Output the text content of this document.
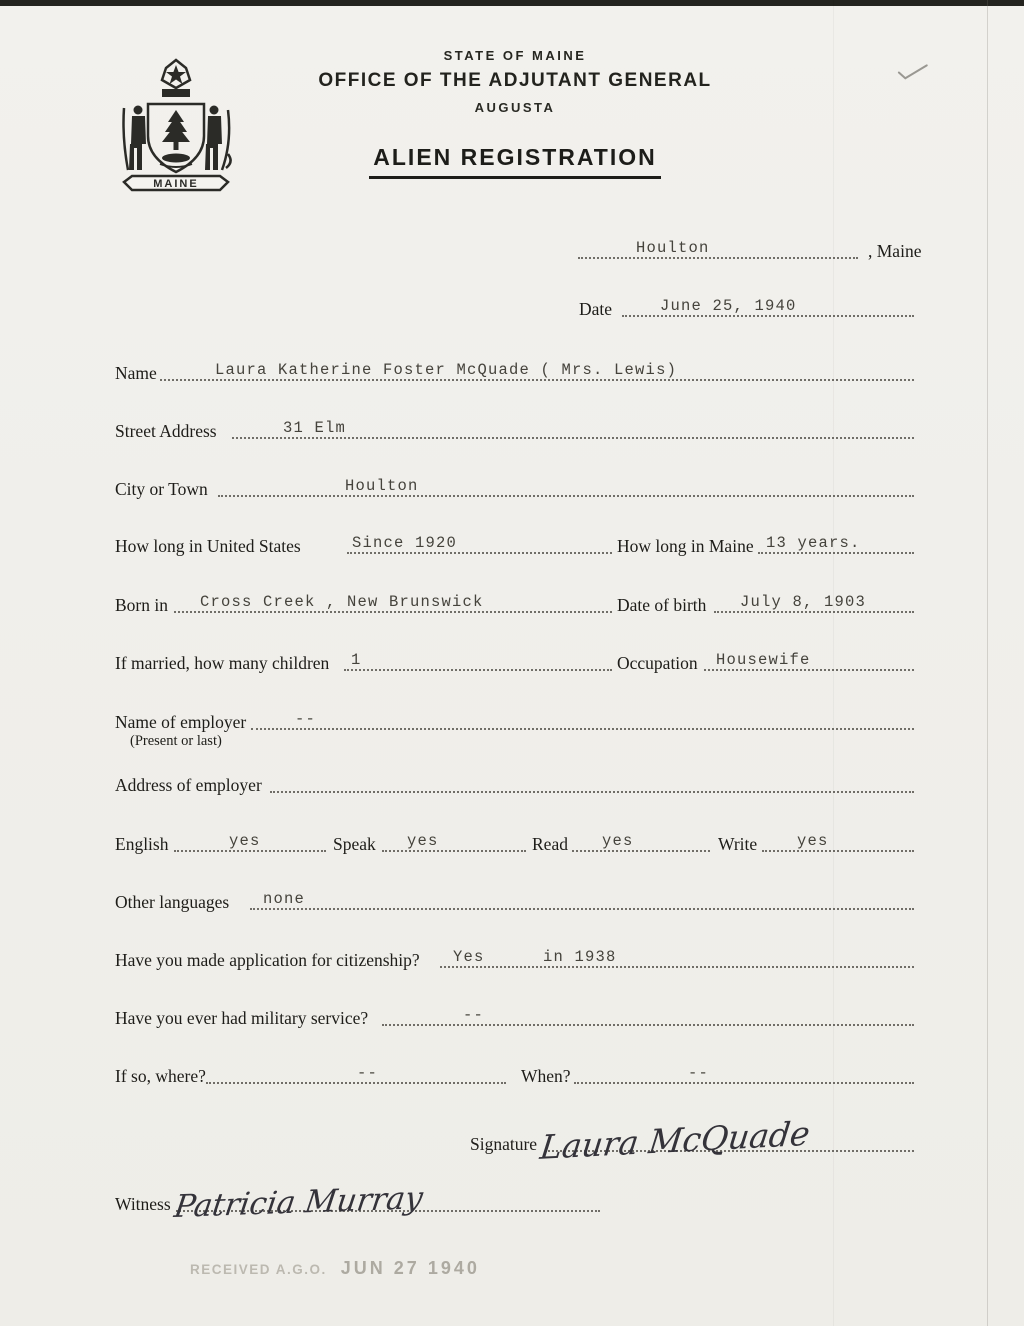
STATE OF MAINE
OFFICE OF THE ADJUTANT GENERAL
AUGUSTA
ALIEN REGISTRATION
MAINE
Houlton	, Maine
Date	June 25, 1940
Name	Laura Katherine Foster McQuade ( Mrs. Lewis)
Street Address	31 Elm
City or Town	Houlton
How long in United States	Since 1920	How long in Maine 13 years.
Born in Cross Creek , New Brunswick	Date of birth July 8, 1903
If married, how many children 1	Occupation Housewife
Name of employer	--
(Present or last)
Address of employer
English	yes	Speak yes	Read yes	Write	yes
Other languages none
Have you made application for citizenship? Yes	in 1938
Have you ever had military service?	--
If so, where?	--	When?	--
Signature Laura McQuade
Witness Patricia Murray
RECEIVED A.G.O. JUN 27 1940
